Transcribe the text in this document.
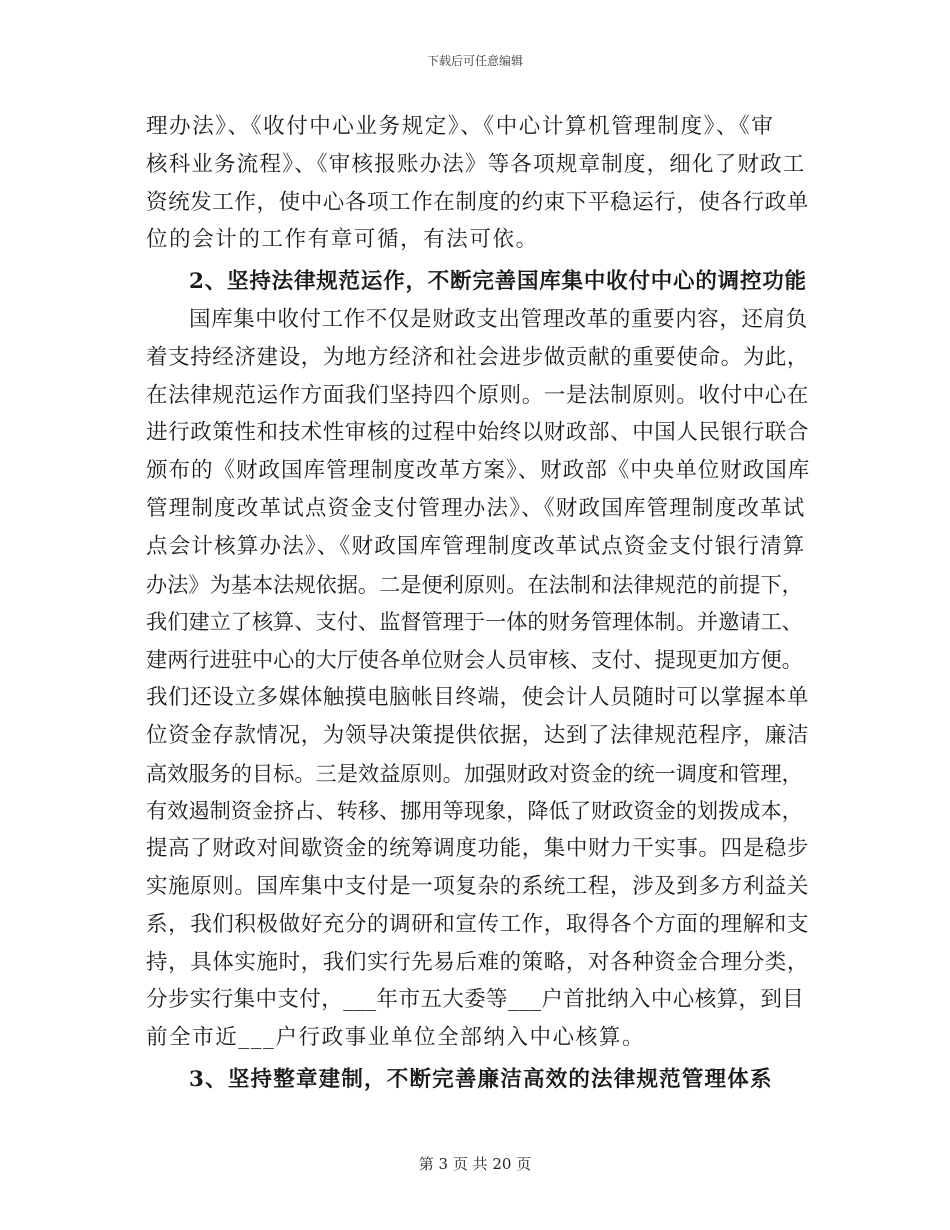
下载后可任意编辑
理办法》、《收付中心业务规定》、《中心计算机管理制度》、《审
核科业务流程》、《审核报账办法》等各项规章制度，细化了财政工
资统发工作，使中心各项工作在制度的约束下平稳运行，使各行政单
位的会计的工作有章可循，有法可依。
2、坚持法律规范运作，不断完善国库集中收付中心的调控功能
国库集中收付工作不仅是财政支出管理改革的重要内容，还肩负
着支持经济建设，为地方经济和社会进步做贡献的重要使命。为此，
在法律规范运作方面我们坚持四个原则。一是法制原则。收付中心在
进行政策性和技术性审核的过程中始终以财政部、中国人民银行联合
颁布的《财政国库管理制度改革方案》、财政部《中央单位财政国库
管理制度改革试点资金支付管理办法》、《财政国库管理制度改革试
点会计核算办法》、《财政国库管理制度改革试点资金支付银行清算
办法》为基本法规依据。二是便利原则。在法制和法律规范的前提下，
我们建立了核算、支付、监督管理于一体的财务管理体制。并邀请工、
建两行进驻中心的大厅使各单位财会人员审核、支付、提现更加方便。
我们还设立多媒体触摸电脑帐目终端，使会计人员随时可以掌握本单
位资金存款情况，为领导决策提供依据，达到了法律规范程序，廉洁
高效服务的目标。三是效益原则。加强财政对资金的统一调度和管理，
有效遏制资金挤占、转移、挪用等现象，降低了财政资金的划拨成本，
提高了财政对间歇资金的统筹调度功能，集中财力干实事。四是稳步
实施原则。国库集中支付是一项复杂的系统工程，涉及到多方利益关
系，我们积极做好充分的调研和宣传工作，取得各个方面的理解和支
持，具体实施时，我们实行先易后难的策略，对各种资金合理分类，
分步实行集中支付，___年市五大委等___户首批纳入中心核算，到目
前全市近___户行政事业单位全部纳入中心核算。
3、坚持整章建制，不断完善廉洁高效的法律规范管理体系
第 3 页 共 20 页
